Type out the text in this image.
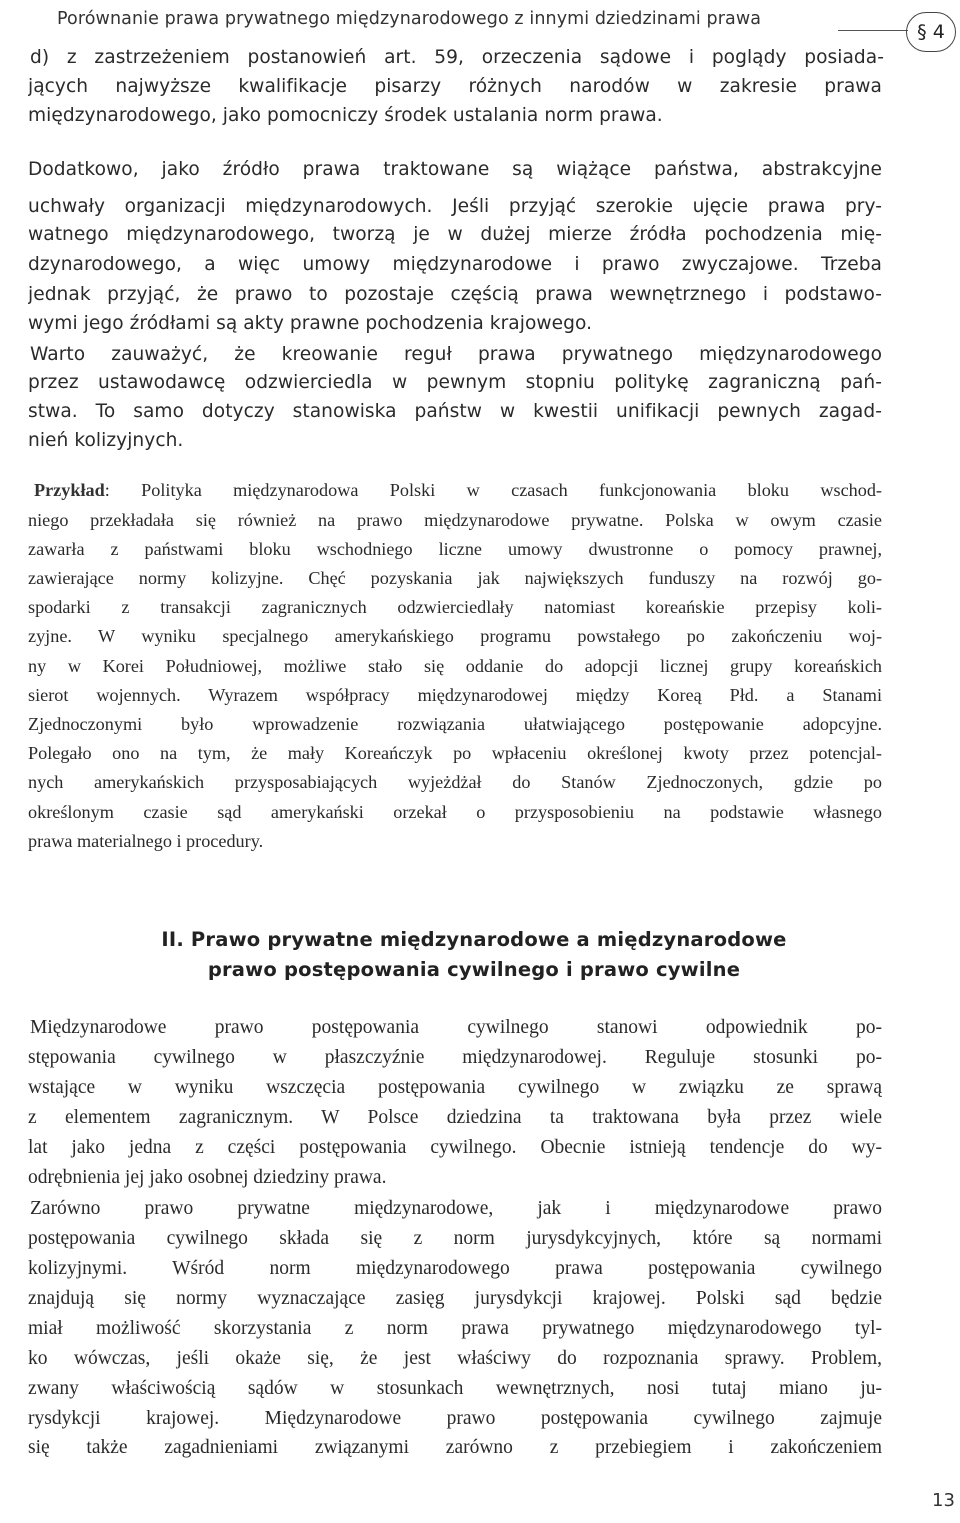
Porównanie prawa prywatnego międzynarodowego z innymi dziedzinami prawa
§ 4
d) z zastrzeżeniem postanowień art. 59, orzeczenia sądowe i poglądy posiada-
jących najwyższe kwalifikacje pisarzy różnych narodów w zakresie prawa
międzynarodowego, jako pomocniczy środek ustalania norm prawa.
Dodatkowo, jako źródło prawa traktowane są wiążące państwa, abstrakcyjne
uchwały organizacji międzynarodowych. Jeśli przyjąć szerokie ujęcie prawa pry-
watnego międzynarodowego, tworzą je w dużej mierze źródła pochodzenia mię-
dzynarodowego, a więc umowy międzynarodowe i prawo zwyczajowe. Trzeba
jednak przyjąć, że prawo to pozostaje częścią prawa wewnętrznego i podstawo-
wymi jego źródłami są akty prawne pochodzenia krajowego.
Warto zauważyć, że kreowanie reguł prawa prywatnego międzynarodowego
przez ustawodawcę odzwierciedla w pewnym stopniu politykę zagraniczną pań-
stwa. To samo dotyczy stanowiska państw w kwestii unifikacji pewnych zagad-
nień kolizyjnych.
Przykład: Polityka międzynarodowa Polski w czasach funkcjonowania bloku wschod-
niego przekładała się również na prawo międzynarodowe prywatne. Polska w owym czasie
zawarła z państwami bloku wschodniego liczne umowy dwustronne o pomocy prawnej,
zawierające normy kolizyjne. Chęć pozyskania jak największych funduszy na rozwój go-
spodarki z transakcji zagranicznych odzwierciedlały natomiast koreańskie przepisy koli-
zyjne. W wyniku specjalnego amerykańskiego programu powstałego po zakończeniu woj-
ny w Korei Południowej, możliwe stało się oddanie do adopcji licznej grupy koreańskich
sierot wojennych. Wyrazem współpracy międzynarodowej między Koreą Płd. a Stanami
Zjednoczonymi było wprowadzenie rozwiązania ułatwiającego postępowanie adopcyjne.
Polegało ono na tym, że mały Koreańczyk po wpłaceniu określonej kwoty przez potencjal-
nych amerykańskich przysposabiających wyjeżdżał do Stanów Zjednoczonych, gdzie po
określonym czasie sąd amerykański orzekał o przysposobieniu na podstawie własnego
prawa materialnego i procedury.
II. Prawo prywatne międzynarodowe a międzynarodowe
prawo postępowania cywilnego i prawo cywilne
Międzynarodowe prawo postępowania cywilnego stanowi odpowiednik po-
stępowania cywilnego w płaszczyźnie międzynarodowej. Reguluje stosunki po-
wstające w wyniku wszczęcia postępowania cywilnego w związku ze sprawą
z elementem zagranicznym. W Polsce dziedzina ta traktowana była przez wiele
lat jako jedna z części postępowania cywilnego. Obecnie istnieją tendencje do wy-
odrębnienia jej jako osobnej dziedziny prawa.
Zarówno prawo prywatne międzynarodowe, jak i międzynarodowe prawo
postępowania cywilnego składa się z norm jurysdykcyjnych, które są normami
kolizyjnymi. Wśród norm międzynarodowego prawa postępowania cywilnego
znajdują się normy wyznaczające zasięg jurysdykcji krajowej. Polski sąd będzie
miał możliwość skorzystania z norm prawa prywatnego międzynarodowego tyl-
ko wówczas, jeśli okaże się, że jest właściwy do rozpoznania sprawy. Problem,
zwany właściwością sądów w stosunkach wewnętrznych, nosi tutaj miano ju-
rysdykcji krajowej. Międzynarodowe prawo postępowania cywilnego zajmuje
się także zagadnieniami związanymi zarówno z przebiegiem i zakończeniem
13
